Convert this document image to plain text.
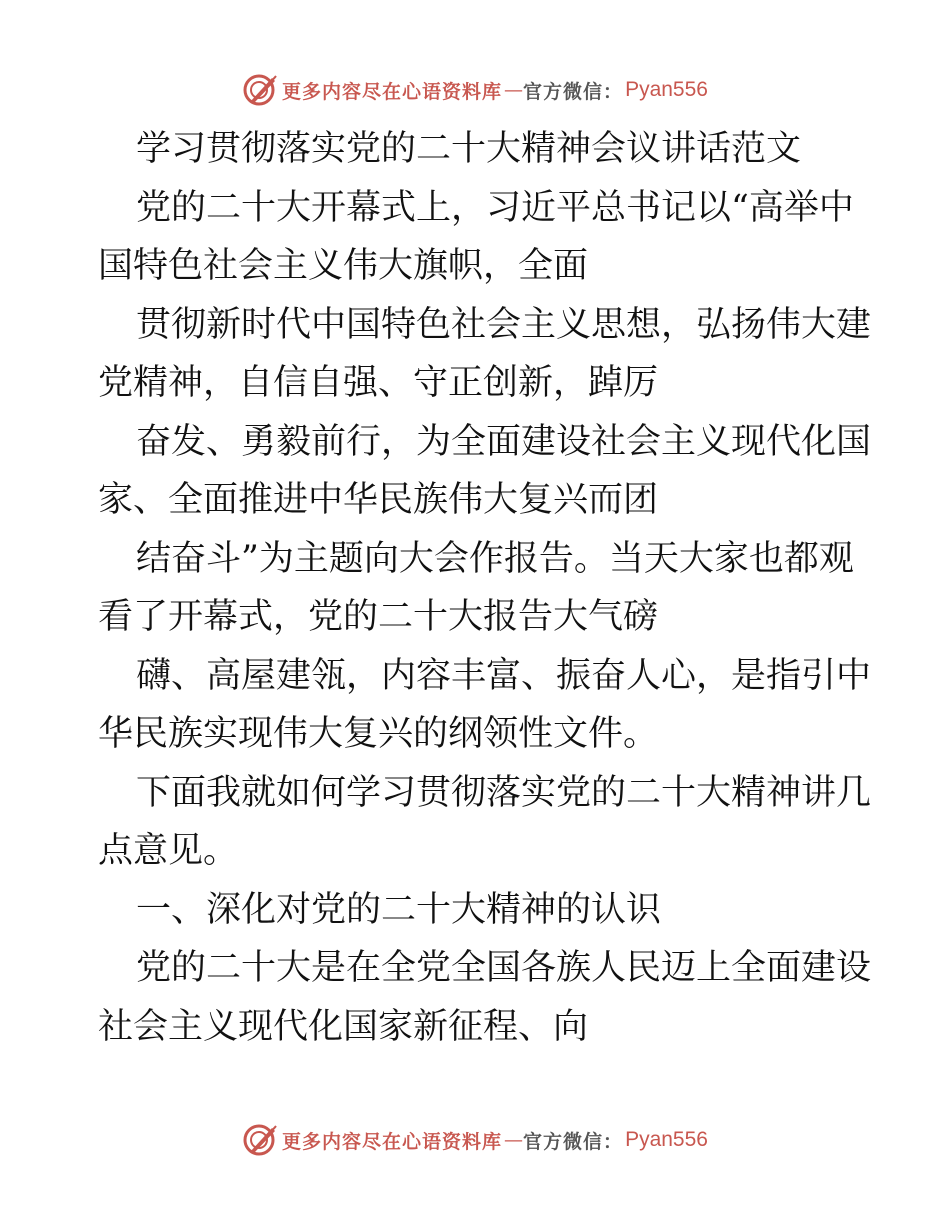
更多内容尽在心语资料库 — 官方微信： Pyan556
学习贯彻落实党的二十大精神会议讲话范文
党的二十大开幕式上，习近平总书记以“高举中
国特色社会主义伟大旗帜，全面
贯彻新时代中国特色社会主义思想，弘扬伟大建
党精神，自信自强、守正创新，踔厉
奋发、勇毅前行，为全面建设社会主义现代化国
家、全面推进中华民族伟大复兴而团
结奋斗”为主题向大会作报告。当天大家也都观
看了开幕式，党的二十大报告大气磅
礴、高屋建瓴，内容丰富、振奋人心，是指引中
华民族实现伟大复兴的纲领性文件。
下面我就如何学习贯彻落实党的二十大精神讲几
点意见。
一、深化对党的二十大精神的认识
党的二十大是在全党全国各族人民迈上全面建设
社会主义现代化国家新征程、向
更多内容尽在心语资料库 — 官方微信： Pyan556
